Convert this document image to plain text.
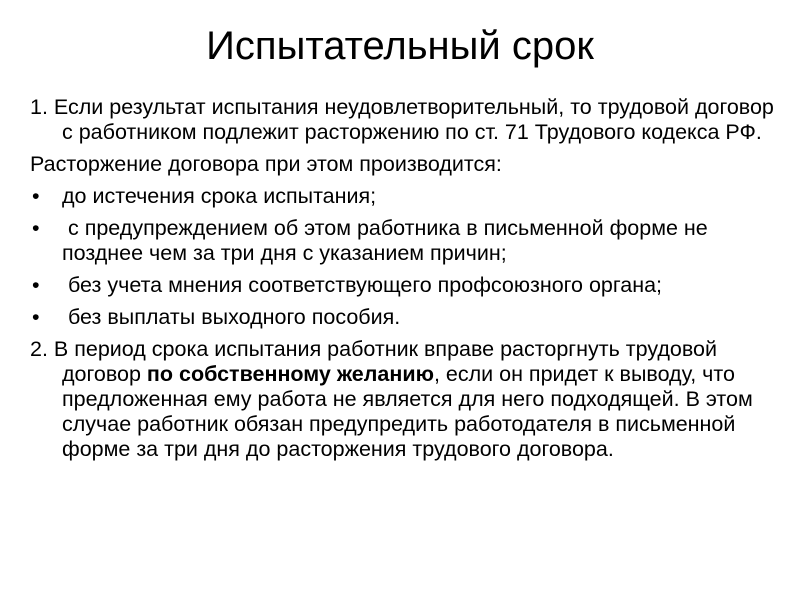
Испытательный срок

1. Если результат испытания неудовлетворительный, то трудовой договор с работником подлежит расторжению по ст. 71 Трудового кодекса РФ.

Расторжение договора при этом производится:

• до истечения срока испытания;
• с предупреждением об этом работника в письменной форме не позднее чем за три дня с указанием причин;
• без учета мнения соответствующего профсоюзного органа;
• без выплаты выходного пособия.

2. В период срока испытания работник вправе расторгнуть трудовой договор по собственному желанию, если он придет к выводу, что предложенная ему работа не является для него подходящей. В этом случае работник обязан предупредить работодателя в письменной форме за три дня до расторжения трудового договора.
